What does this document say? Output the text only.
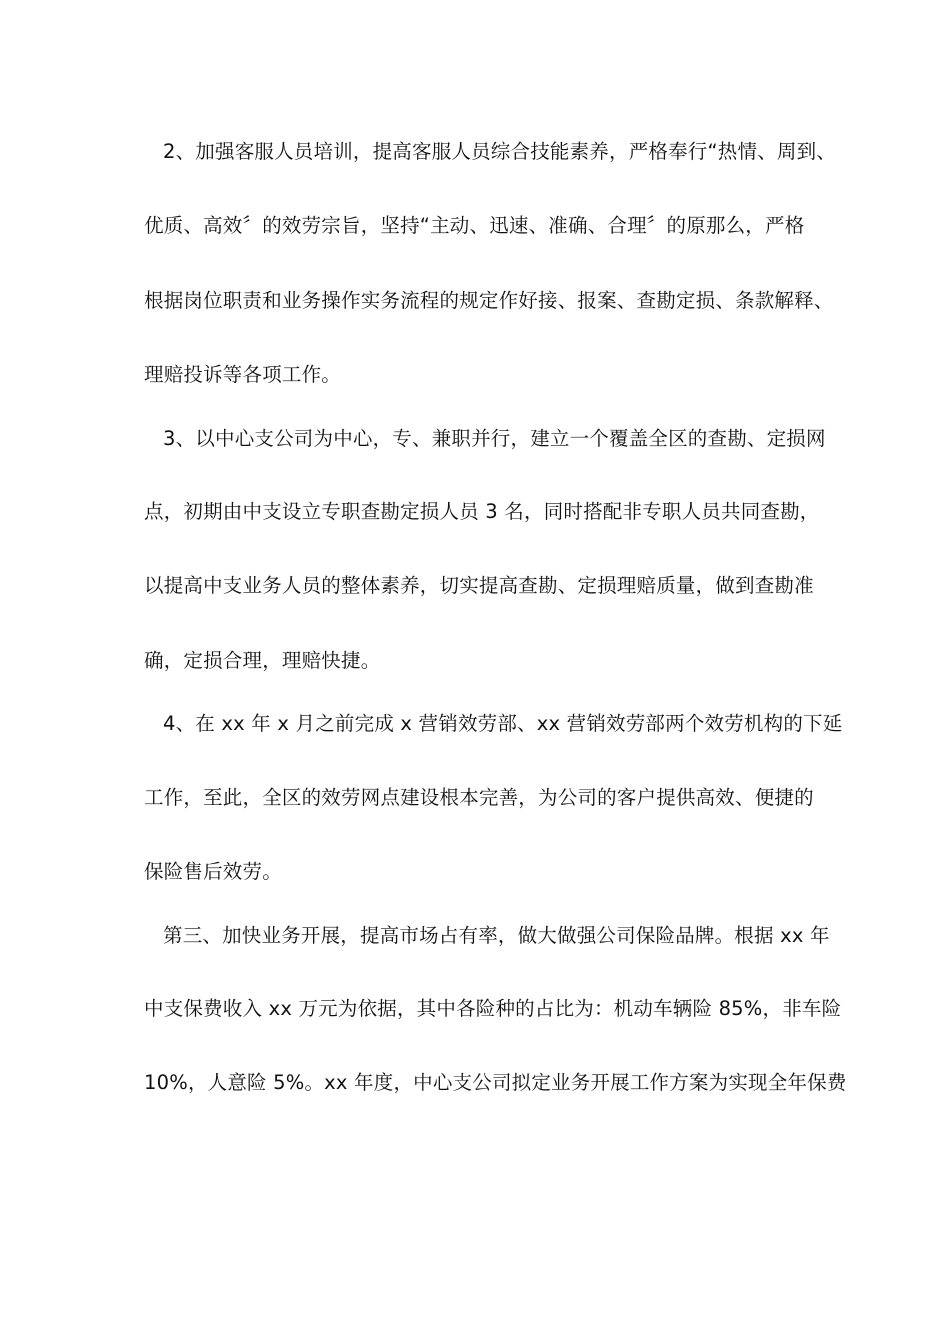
2、加强客服人员培训，提高客服人员综合技能素养，严格奉行“热情、周到、
优质、高效〞的效劳宗旨，坚持“主动、迅速、准确、合理〞的原那么，严格
根据岗位职责和业务操作实务流程的规定作好接、报案、查勘定损、条款解释、
理赔投诉等各项工作。
3、以中心支公司为中心，专、兼职并行，建立一个覆盖全区的查勘、定损网
点，初期由中支设立专职查勘定损人员 3 名，同时搭配非专职人员共同查勘，
以提高中支业务人员的整体素养，切实提高查勘、定损理赔质量，做到查勘准
确，定损合理，理赔快捷。
4、在 xx 年 x 月之前完成 x 营销效劳部、xx 营销效劳部两个效劳机构的下延
工作，至此，全区的效劳网点建设根本完善，为公司的客户提供高效、便捷的
保险售后效劳。
第三、加快业务开展，提高市场占有率，做大做强公司保险品牌。根据 xx 年
中支保费收入 xx 万元为依据，其中各险种的占比为：机动车辆险 85%，非车险
10%，人意险 5%。xx 年度，中心支公司拟定业务开展工作方案为实现全年保费
